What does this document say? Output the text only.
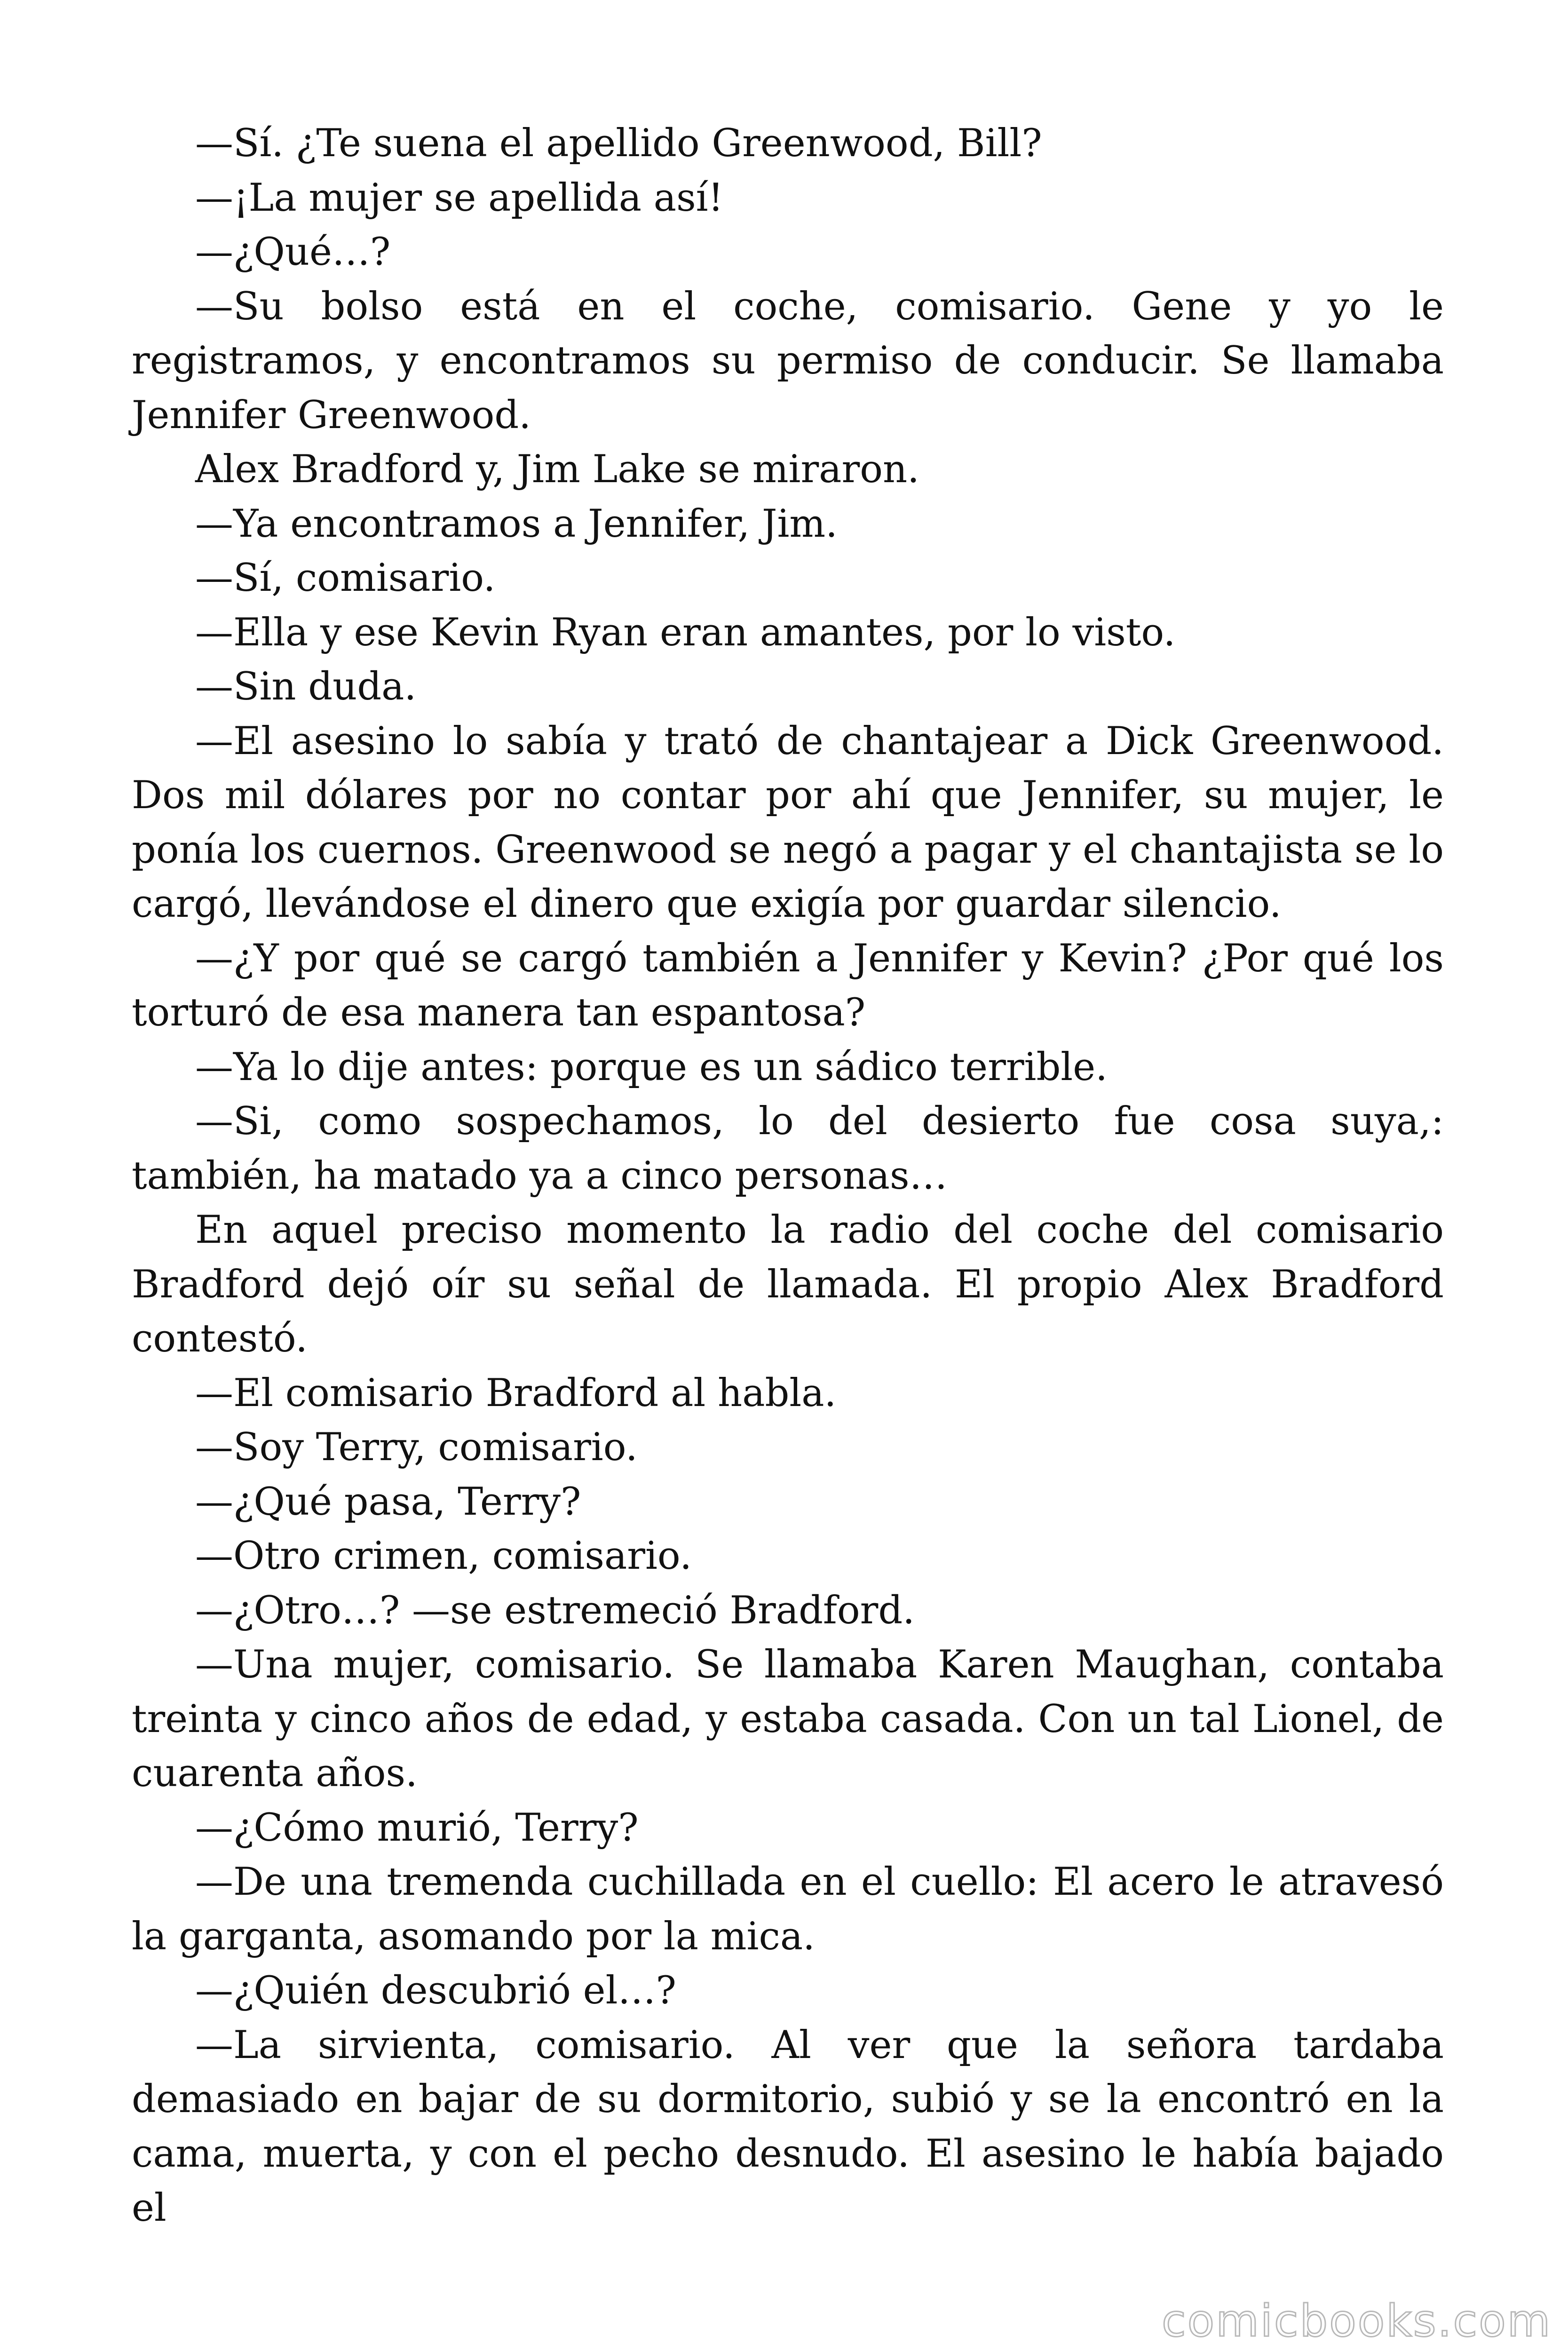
—Sí. ¿Te suena el apellido Greenwood, Bill?

—¡La mujer se apellida así!

—¿Qué…?

—Su bolso está en el coche, comisario. Gene y yo le registramos, y encontramos su permiso de conducir. Se llamaba Jennifer Greenwood.

Alex Bradford y, Jim Lake se miraron.

—Ya encontramos a Jennifer, Jim.

—Sí, comisario.

—Ella y ese Kevin Ryan eran amantes, por lo visto.

—Sin duda.

—El asesino lo sabía y trató de chantajear a Dick Greenwood. Dos mil dólares por no contar por ahí que Jennifer, su mujer, le ponía los cuernos. Greenwood se negó a pagar y el chantajista se lo cargó, llevándose el dinero que exigía por guardar silencio.

—¿Y por qué se cargó también a Jennifer y Kevin? ¿Por qué los torturó de esa manera tan espantosa?

—Ya lo dije antes: porque es un sádico terrible.

—Si, como sospechamos, lo del desierto fue cosa suya,: también, ha matado ya a cinco personas…

En aquel preciso momento la radio del coche del comisario Bradford dejó oír su señal de llamada. El propio Alex Bradford contestó.

—El comisario Bradford al habla.

—Soy Terry, comisario.

—¿Qué pasa, Terry?

—Otro crimen, comisario.

—¿Otro…? —se estremeció Bradford.

—Una mujer, comisario. Se llamaba Karen Maughan, contaba treinta y cinco años de edad, y estaba casada. Con un tal Lionel, de cuarenta años.

—¿Cómo murió, Terry?

—De una tremenda cuchillada en el cuello: El acero le atravesó la garganta, asomando por la mica.

—¿Quién descubrió el…?

—La sirvienta, comisario. Al ver que la señora tardaba demasiado en bajar de su dormitorio, subió y se la encontró en la cama, muerta, y con el pecho desnudo. El asesino le había bajado el

comicbooks.com
